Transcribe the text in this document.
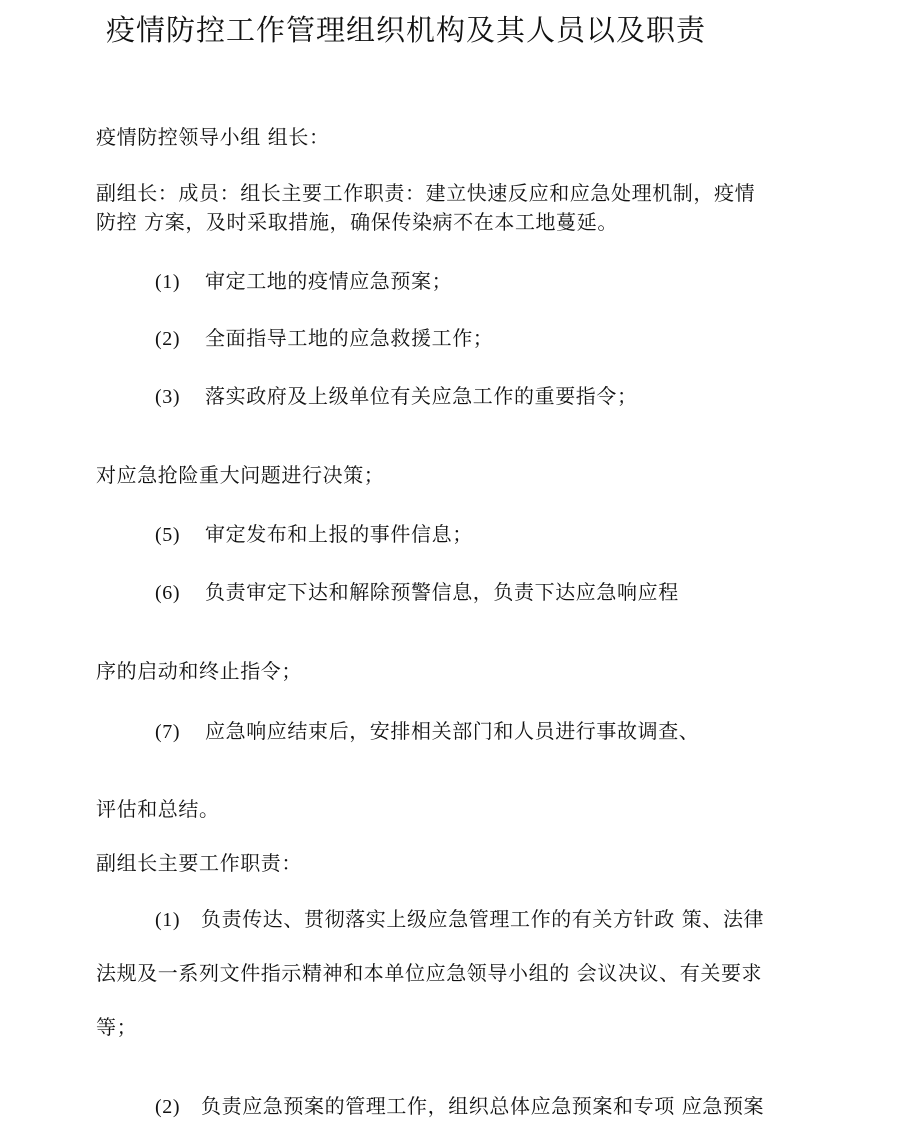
疫情防控工作管理组织机构及其人员以及职责
疫情防控领导小组 组长：
副组长：成员：组长主要工作职责：建立快速反应和应急处理机制，疫情
防控 方案，及时采取措施，确保传染病不在本工地蔓延。
(1) 审定工地的疫情应急预案；
(2) 全面指导工地的应急救援工作；
(3) 落实政府及上级单位有关应急工作的重要指令；
对应急抢险重大问题进行决策；
(5) 审定发布和上报的事件信息；
(6) 负责审定下达和解除预警信息，负责下达应急响应程
序的启动和终止指令；
(7) 应急响应结束后，安排相关部门和人员进行事故调查、
评估和总结。
副组长主要工作职责：
(1) 负责传达、贯彻落实上级应急管理工作的有关方针政 策、法律
法规及一系列文件指示精神和本单位应急领导小组的 会议决议、有关要求
等；
(2) 负责应急预案的管理工作，组织总体应急预案和专项 应急预案
